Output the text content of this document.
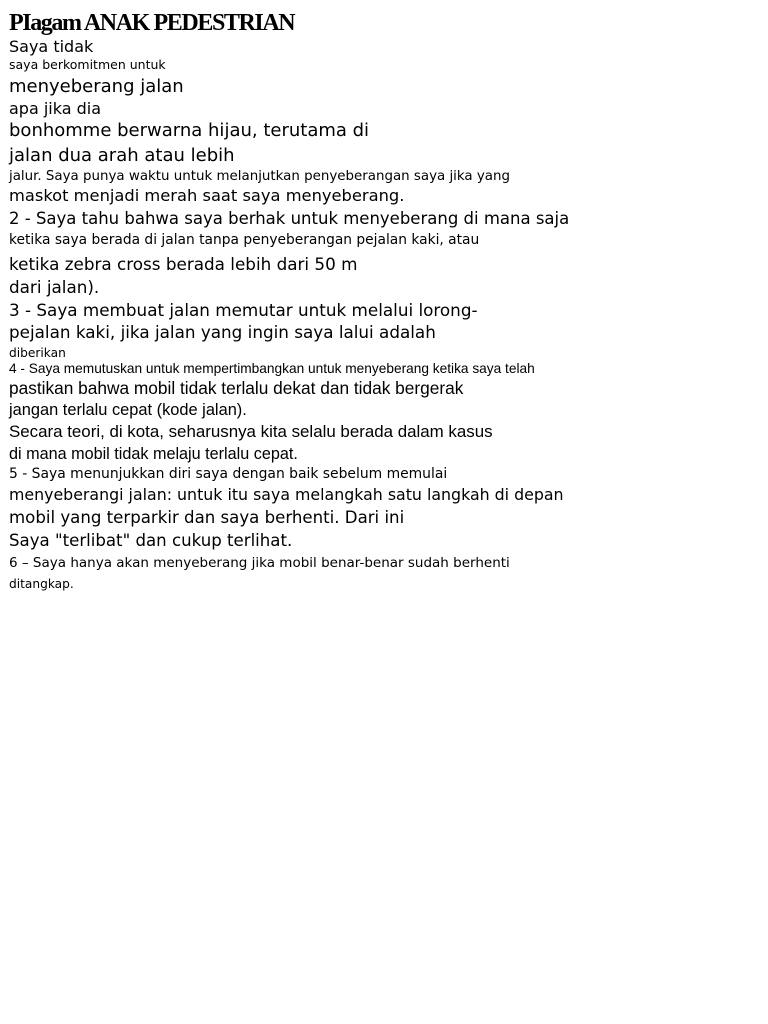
PIagam ANAK PEDESTRIAN

Saya tidak

saya berkomitmen untuk

menyeberang jalan

apa jika dia

bonhomme berwarna hijau, terutama di

jalan dua arah atau lebih

jalur. Saya punya waktu untuk melanjutkan penyeberangan saya jika yang

maskot menjadi merah saat saya menyeberang.

2 - Saya tahu bahwa saya berhak untuk menyeberang di mana saja

ketika saya berada di jalan tanpa penyeberangan pejalan kaki, atau

ketika zebra cross berada lebih dari 50 m

dari jalan).

3 - Saya membuat jalan memutar untuk melalui lorong-

pejalan kaki, jika jalan yang ingin saya lalui adalah

diberikan

4 - Saya memutuskan untuk mempertimbangkan untuk menyeberang ketika saya telah

pastikan bahwa mobil tidak terlalu dekat dan tidak bergerak

jangan terlalu cepat (kode jalan).

Secara teori, di kota, seharusnya kita selalu berada dalam kasus

di mana mobil tidak melaju terlalu cepat.

5 - Saya menunjukkan diri saya dengan baik sebelum memulai

menyeberangi jalan: untuk itu saya melangkah satu langkah di depan

mobil yang terparkir dan saya berhenti. Dari ini

Saya "terlibat" dan cukup terlihat.

6 – Saya hanya akan menyeberang jika mobil benar-benar sudah berhenti

ditangkap.
